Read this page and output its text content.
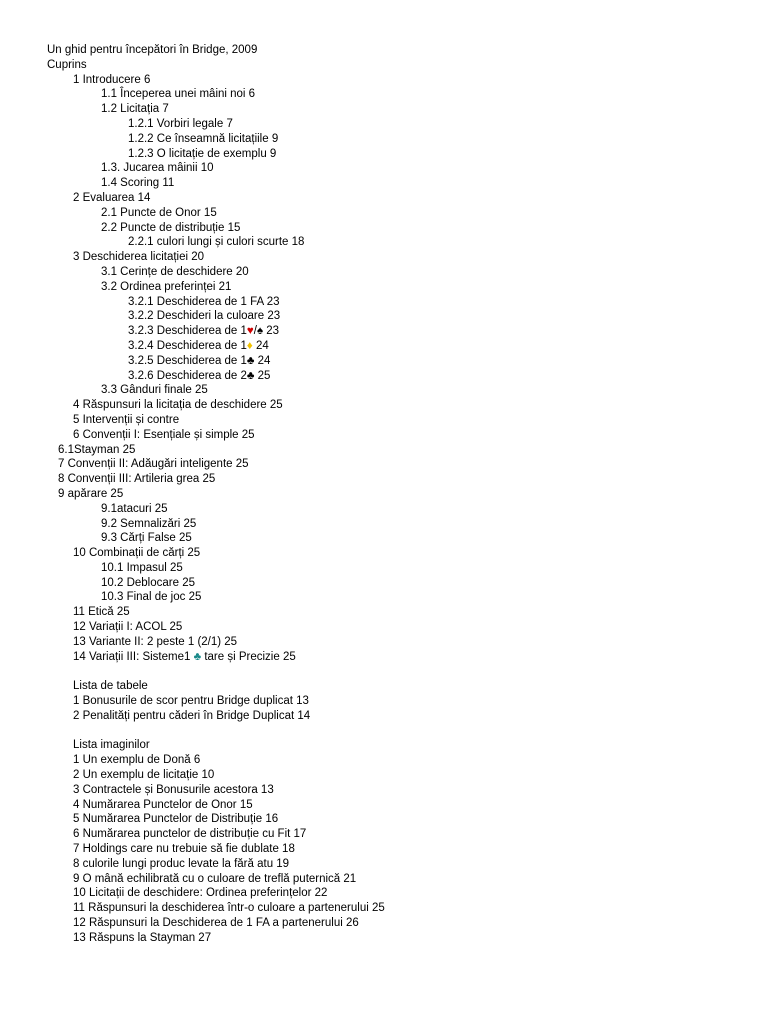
Un ghid pentru începători în Bridge, 2009
Cuprins
1 Introducere 6
1.1 Începerea unei mâini noi 6
1.2 Licitația 7
1.2.1 Vorbiri legale 7
1.2.2 Ce înseamnă licitațiile 9
1.2.3 O licitație de exemplu 9
1.3. Jucarea mâinii 10
1.4 Scoring 11
2 Evaluarea 14
2.1 Puncte de Onor 15
2.2 Puncte de distribuție 15
2.2.1 culori lungi și culori scurte 18
3 Deschiderea licitației 20
3.1 Cerințe de deschidere 20
3.2 Ordinea preferinței 21
3.2.1 Deschiderea de 1 FA 23
3.2.2 Deschideri la culoare 23
3.2.3 Deschiderea de 1♥/♠ 23
3.2.4 Deschiderea de 1♦ 24
3.2.5 Deschiderea de 1♣ 24
3.2.6 Deschiderea de 2♣ 25
3.3 Gânduri finale 25
4 Răspunsuri la licitația de deschidere 25
5 Intervenții și contre
6 Convenții I: Esențiale și simple 25
6.1Stayman 25
7 Convenții II: Adăugări inteligente 25
8 Convenții III: Artileria grea 25
9 apărare 25
9.1atacuri 25
9.2 Semnalizări 25
9.3 Cărți False 25
10 Combinații de cărți 25
10.1 Impasul 25
10.2 Deblocare 25
10.3 Final de joc 25
11 Etică 25
12 Variații I: ACOL 25
13 Variante II: 2 peste 1 (2/1) 25
14 Variații III: Sisteme1 ♣ tare și Precizie 25
Lista de tabele
1 Bonusurile de scor pentru Bridge duplicat 13
2 Penalități pentru căderi în Bridge Duplicat 14
Lista imaginilor
1 Un exemplu de Donă 6
2 Un exemplu de licitație 10
3 Contractele și Bonusurile acestora 13
4 Numărarea Punctelor de Onor 15
5 Numărarea Punctelor de Distribuție 16
6 Numărarea punctelor de distribuție cu Fit 17
7 Holdings care nu trebuie să fie dublate 18
8 culorile lungi produc levate la fără atu 19
9 O mână echilibrată cu o culoare de treflă puternică 21
10 Licitații de deschidere: Ordinea preferințelor 22
11 Răspunsuri la deschiderea într-o culoare a partenerului 25
12 Răspunsuri la Deschiderea de 1 FA a partenerului 26
13 Răspuns la Stayman 27
